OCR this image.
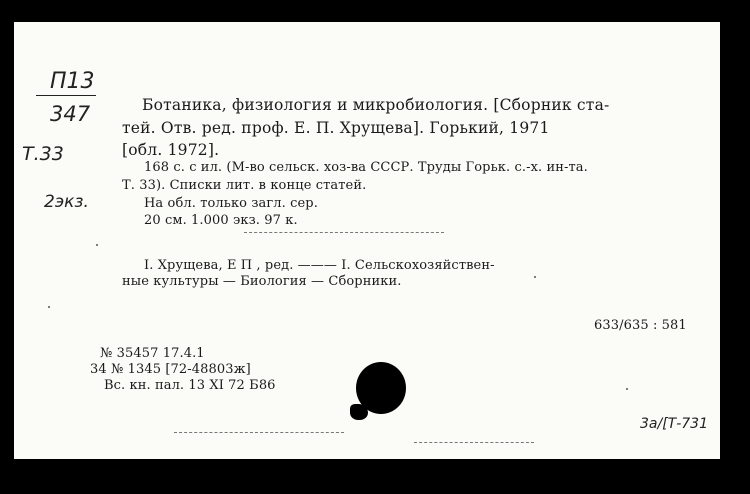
П13
347
Т.33
2экз.
Ботаника, физиология и микробиология. [Сборник ста-
тей. Отв. ред. проф. Е. П. Хрущева]. Горький, 1971
[обл. 1972].
168 с. с ил. (М-во сельск. хоз-ва СССР. Труды Горьк. с.-х. ин-та.
Т. 33). Списки лит. в конце статей.
На обл. только загл. сер.
20 см. 1.000 экз. 97 к.
I. Хрущева, Е П , ред. ——— I. Сельскохозяйствен-
ные культуры — Биология — Сборники.
633/635 : 581
№ 35457 17.4.1
34 № 1345 [72-48803ж]
Вс. кн. пал. 13 XI 72 Б86
3a/[Т-731
